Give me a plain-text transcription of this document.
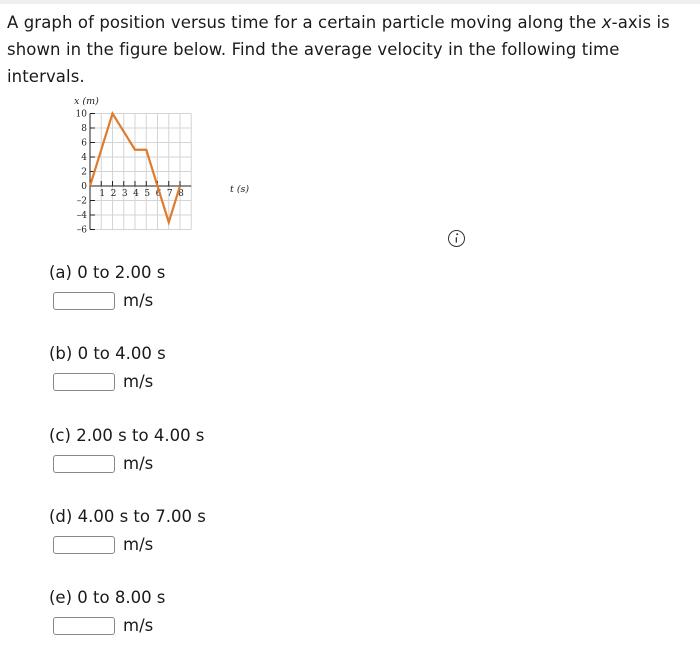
A graph of position versus time for a certain particle moving along the x-axis is shown in the figure below. Find the average velocity in the following time intervals.

10
8
6
4
2
0
–2
–4
–6
1 2 3 4 5 6 7 8
x (m)
t (s)
(a) 0 to 2.00 s
m/s
(b) 0 to 4.00 s
m/s
(c) 2.00 s to 4.00 s
m/s
(d) 4.00 s to 7.00 s
m/s
(e) 0 to 8.00 s
m/s
